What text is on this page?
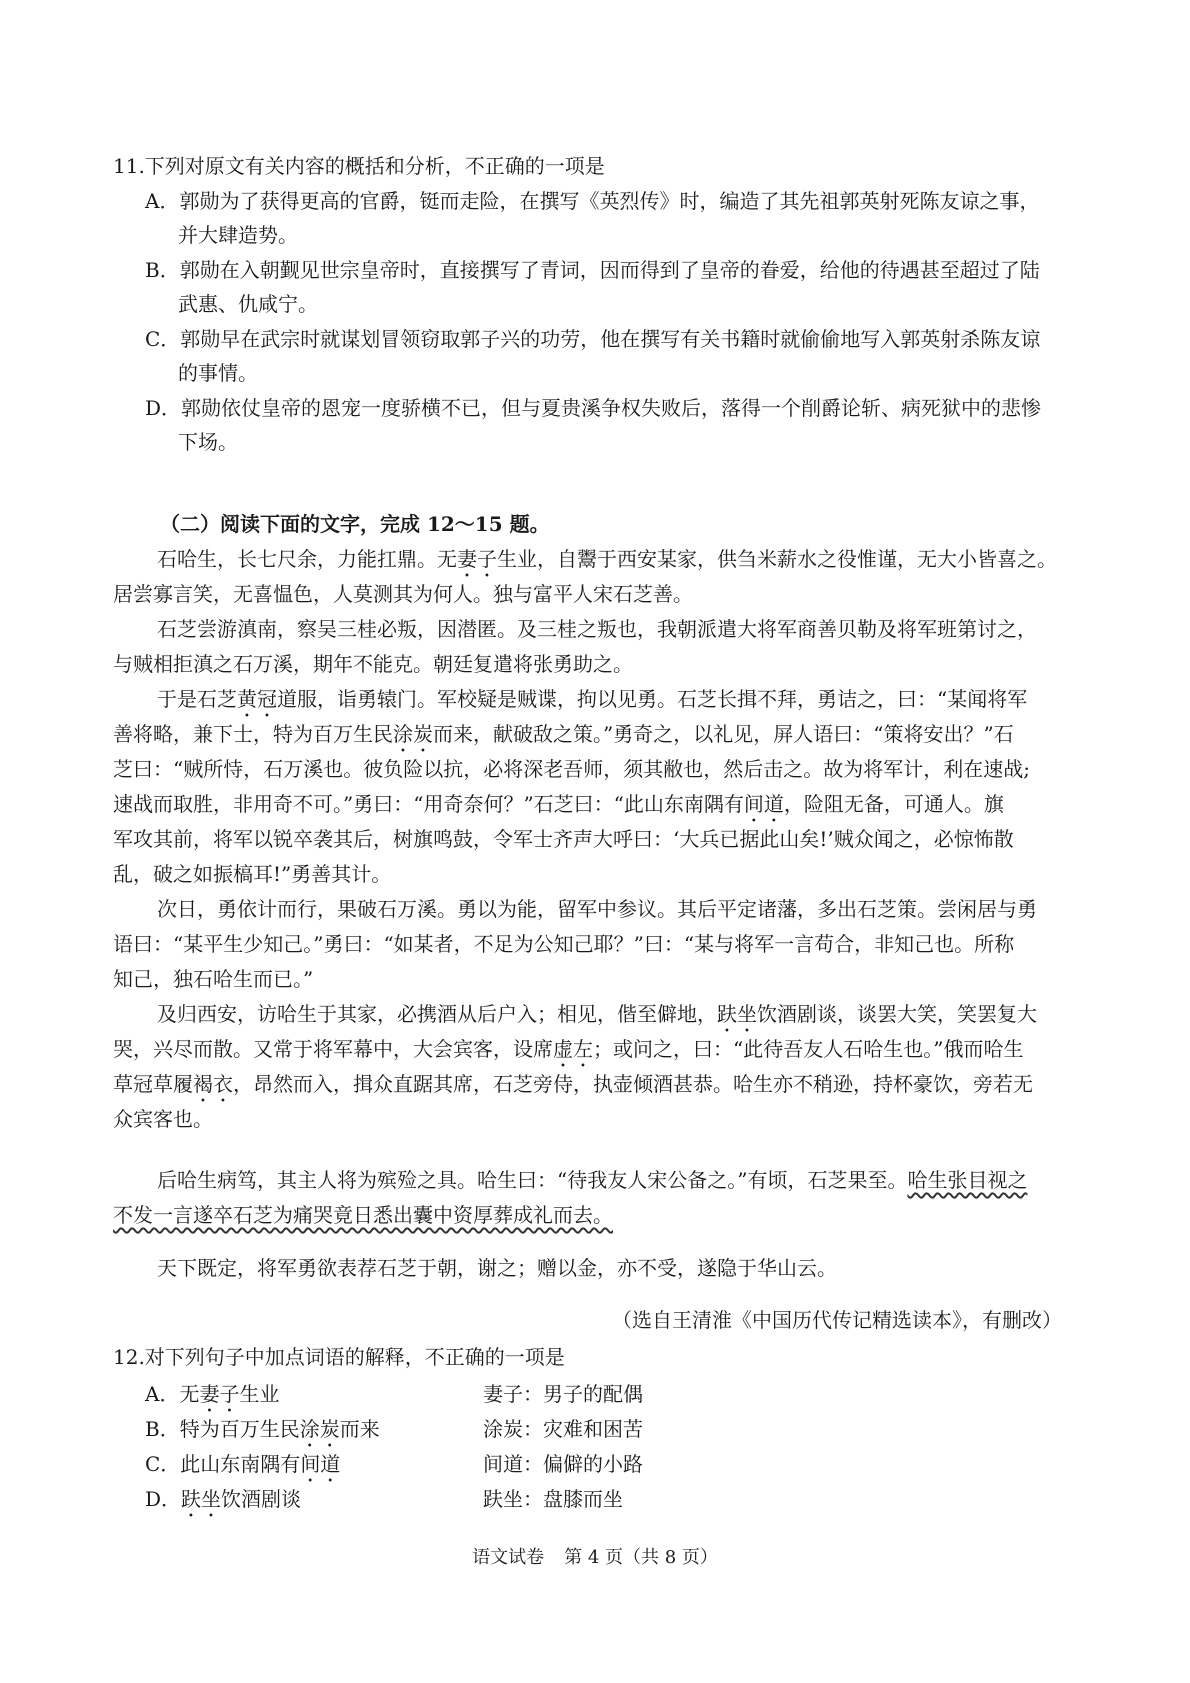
11.下列对原文有关内容的概括和分析，不正确的一项是
A．郭勋为了获得更高的官爵，铤而走险，在撰写《英烈传》时，编造了其先祖郭英射死陈友谅之事，
并大肆造势。
B．郭勋在入朝觐见世宗皇帝时，直接撰写了青词，因而得到了皇帝的眷爱，给他的待遇甚至超过了陆
武惠、仇咸宁。
C．郭勋早在武宗时就谋划冒领窃取郭子兴的功劳，他在撰写有关书籍时就偷偷地写入郭英射杀陈友谅
的事情。
D．郭勋依仗皇帝的恩宠一度骄横不已，但与夏贵溪争权失败后，落得一个削爵论斩、病死狱中的悲惨
下场。
（二）阅读下面的文字，完成 12～15 题。
石哈生，长七尺余，力能扛鼎。无妻子生业，自鬻于西安某家，供刍米薪水之役惟谨，无大小皆喜之。
居尝寡言笑，无喜愠色，人莫测其为何人。独与富平人宋石芝善。
石芝尝游滇南，察吴三桂必叛，因潜匿。及三桂之叛也，我朝派遣大将军商善贝勒及将军班第讨之，
与贼相拒滇之石万溪，期年不能克。朝廷复遣将张勇助之。
于是石芝黄冠道服，诣勇辕门。军校疑是贼谍，拘以见勇。石芝长揖不拜，勇诘之，曰：“某闻将军
善将略，兼下士，特为百万生民涂炭而来，献破敌之策。”勇奇之，以礼见，屏人语曰：“策将安出？”石
芝曰：“贼所恃，石万溪也。彼负险以抗，必将深老吾师，须其敝也，然后击之。故为将军计，利在速战;
速战而取胜，非用奇不可。”勇曰：“用奇奈何？”石芝曰：“此山东南隅有间道，险阻无备，可通人。旗
军攻其前，将军以锐卒袭其后，树旗鸣鼓，令军士齐声大呼曰：‘大兵已据此山矣!’贼众闻之，必惊怖散
乱，破之如振槁耳!”勇善其计。
次日，勇依计而行，果破石万溪。勇以为能，留军中参议。其后平定诸藩，多出石芝策。尝闲居与勇
语曰：“某平生少知己。”勇曰：“如某者，不足为公知己耶？”曰：“某与将军一言苟合，非知己也。所称
知己，独石哈生而已。”
及归西安，访哈生于其家，必携酒从后户入；相见，偕至僻地，趺坐饮酒剧谈，谈罢大笑，笑罢复大
哭，兴尽而散。又常于将军幕中，大会宾客，设席虚左；或问之，曰：“此待吾友人石哈生也。”俄而哈生
草冠草履褐衣，昂然而入，揖众直踞其席，石芝旁侍，执壶倾酒甚恭。哈生亦不稍逊，持杯豪饮，旁若无
众宾客也。
后哈生病笃，其主人将为殡殓之具。哈生曰：“待我友人宋公备之。”有顷，石芝果至。哈生张目视之
不发一言遂卒石芝为痛哭竟日悉出囊中资厚葬成礼而去。
天下既定，将军勇欲表荐石芝于朝，谢之；赠以金，亦不受，遂隐于华山云。
（选自王清淮《中国历代传记精选读本》，有删改）
12.对下列句子中加点词语的解释，不正确的一项是
A．无妻子生业	妻子：男子的配偶
B．特为百万生民涂炭而来	涂炭：灾难和困苦
C．此山东南隅有间道	间道：偏僻的小路
D．趺坐饮酒剧谈	趺坐：盘膝而坐
语文试卷 第 4 页（共 8 页）
